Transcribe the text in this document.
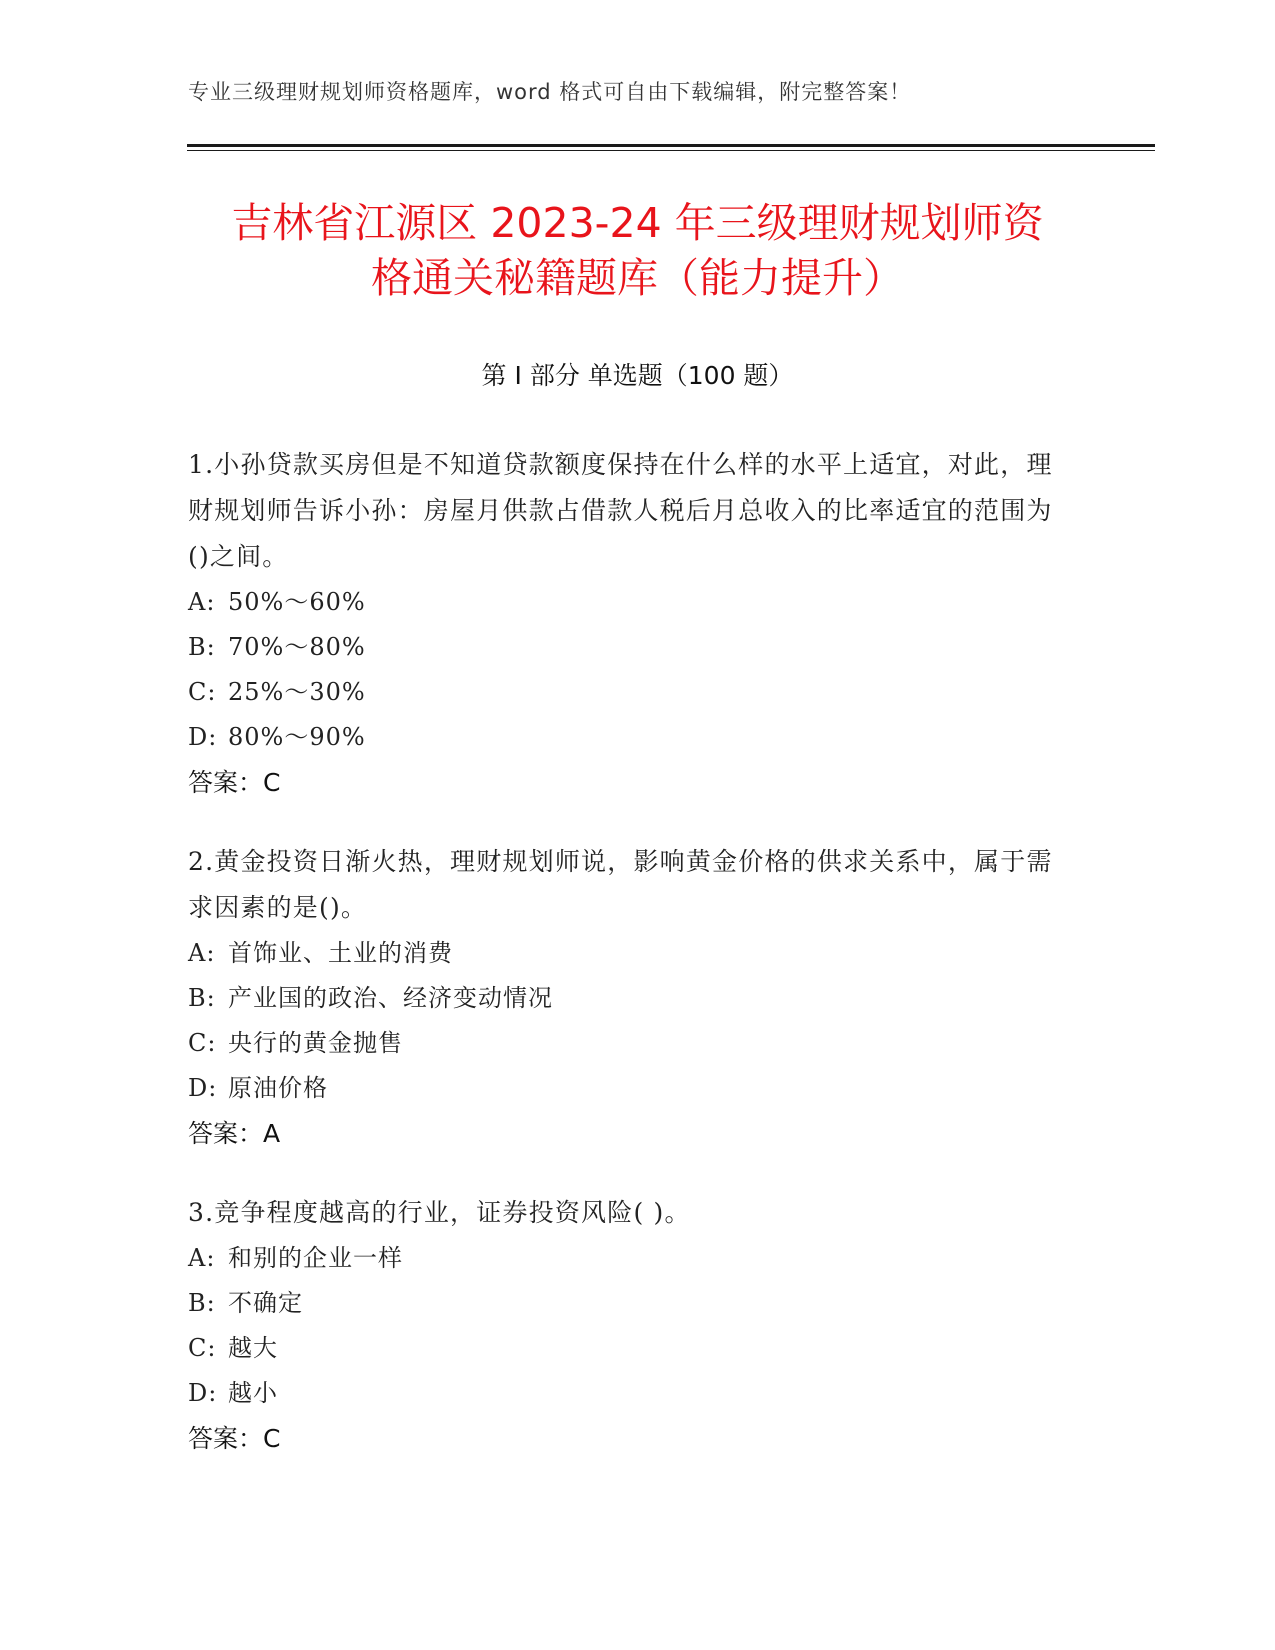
专业三级理财规划师资格题库，word 格式可自由下载编辑，附完整答案！
吉林省江源区 2023-24 年三级理财规划师资
格通关秘籍题库（能力提升）
第 I 部分 单选题（100 题）

1.小孙贷款买房但是不知道贷款额度保持在什么样的水平上适宜，对此，理财规划师告诉小孙：房屋月供款占借款人税后月总收入的比率适宜的范围为()之间。

A: 50%～60%
B: 70%～80%
C: 25%～30%
D: 80%～90%
答案：C

2.黄金投资日渐火热，理财规划师说，影响黄金价格的供求关系中，属于需求因素的是()。

A: 首饰业、土业的消费
B: 产业国的政治、经济变动情况
C: 央行的黄金抛售
D: 原油价格
答案：A

3.竞争程度越高的行业，证券投资风险( )。

A: 和别的企业一样
B: 不确定
C: 越大
D: 越小
答案：C
